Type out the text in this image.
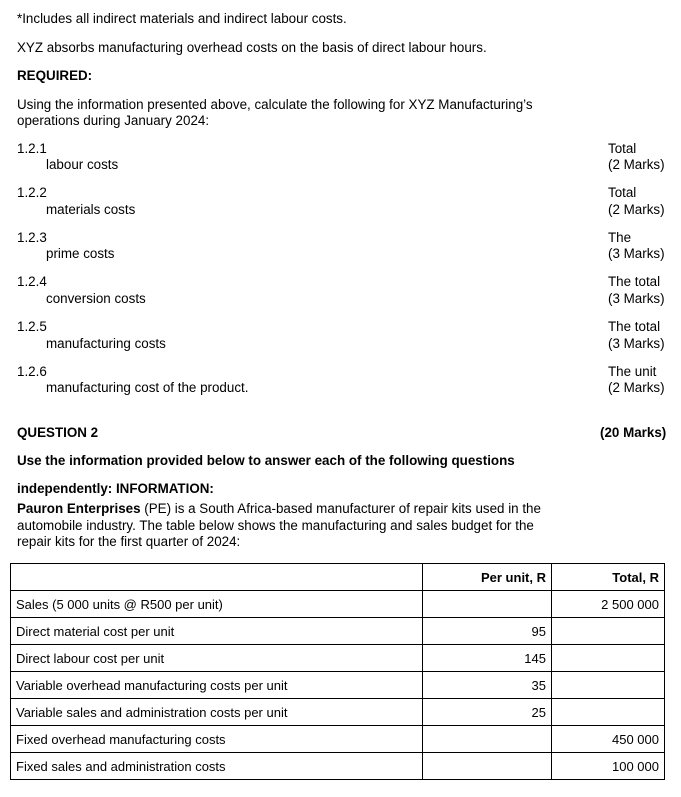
*Includes all indirect materials and indirect labour costs.
XYZ absorbs manufacturing overhead costs on the basis of direct labour hours.
REQUIRED:
Using the information presented above, calculate the following for XYZ Manufacturing’s
operations during January 2024:
1.2.1	Total
labour costs	(2 Marks)
1.2.2	Total
materials costs	(2 Marks)
1.2.3	The
prime costs	(3 Marks)
1.2.4	The total
conversion costs	(3 Marks)
1.2.5	The total
manufacturing costs	(3 Marks)
1.2.6	The unit
manufacturing cost of the product.	(2 Marks)
QUESTION 2	(20 Marks)
Use the information provided below to answer each of the following questions
independently: INFORMATION:
Pauron Enterprises (PE) is a South Africa-based manufacturer of repair kits used in the
automobile industry. The table below shows the manufacturing and sales budget for the
repair kits for the first quarter of 2024:
	Per unit, R	Total, R
Sales (5 000 units @ R500 per unit)		2 500 000
Direct material cost per unit	95	
Direct labour cost per unit	145	
Variable overhead manufacturing costs per unit	35	
Variable sales and administration costs per unit	25	
Fixed overhead manufacturing costs		450 000
Fixed sales and administration costs		100 000
